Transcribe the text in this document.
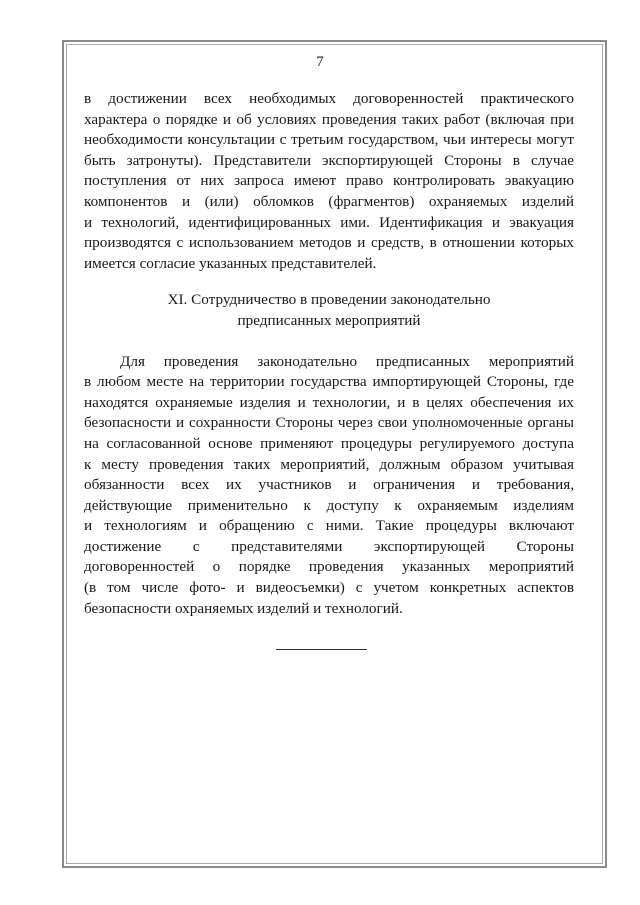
7
в достижении всех необходимых договоренностей практического
характера о порядке и об условиях проведения таких работ (включая при
необходимости консультации с третьим государством, чьи интересы могут
быть затронуты). Представители экспортирующей Стороны в случае
поступления от них запроса имеют право контролировать эвакуацию
компонентов и (или) обломков (фрагментов) охраняемых изделий
и технологий, идентифицированных ими. Идентификация и эвакуация
производятся с использованием методов и средств, в отношении которых
имеется согласие указанных представителей.
XI. Сотрудничество в проведении законодательно
предписанных мероприятий
Для проведения законодательно предписанных мероприятий
в любом месте на территории государства импортирующей Стороны, где
находятся охраняемые изделия и технологии, и в целях обеспечения их
безопасности и сохранности Стороны через свои уполномоченные органы
на согласованной основе применяют процедуры регулируемого доступа
к месту проведения таких мероприятий, должным образом учитывая
обязанности всех их участников и ограничения и требования,
действующие применительно к доступу к охраняемым изделиям
и технологиям и обращению с ними. Такие процедуры включают
достижение с представителями экспортирующей Стороны
договоренностей о порядке проведения указанных мероприятий
(в том числе фото- и видеосъемки) с учетом конкретных аспектов
безопасности охраняемых изделий и технологий.
